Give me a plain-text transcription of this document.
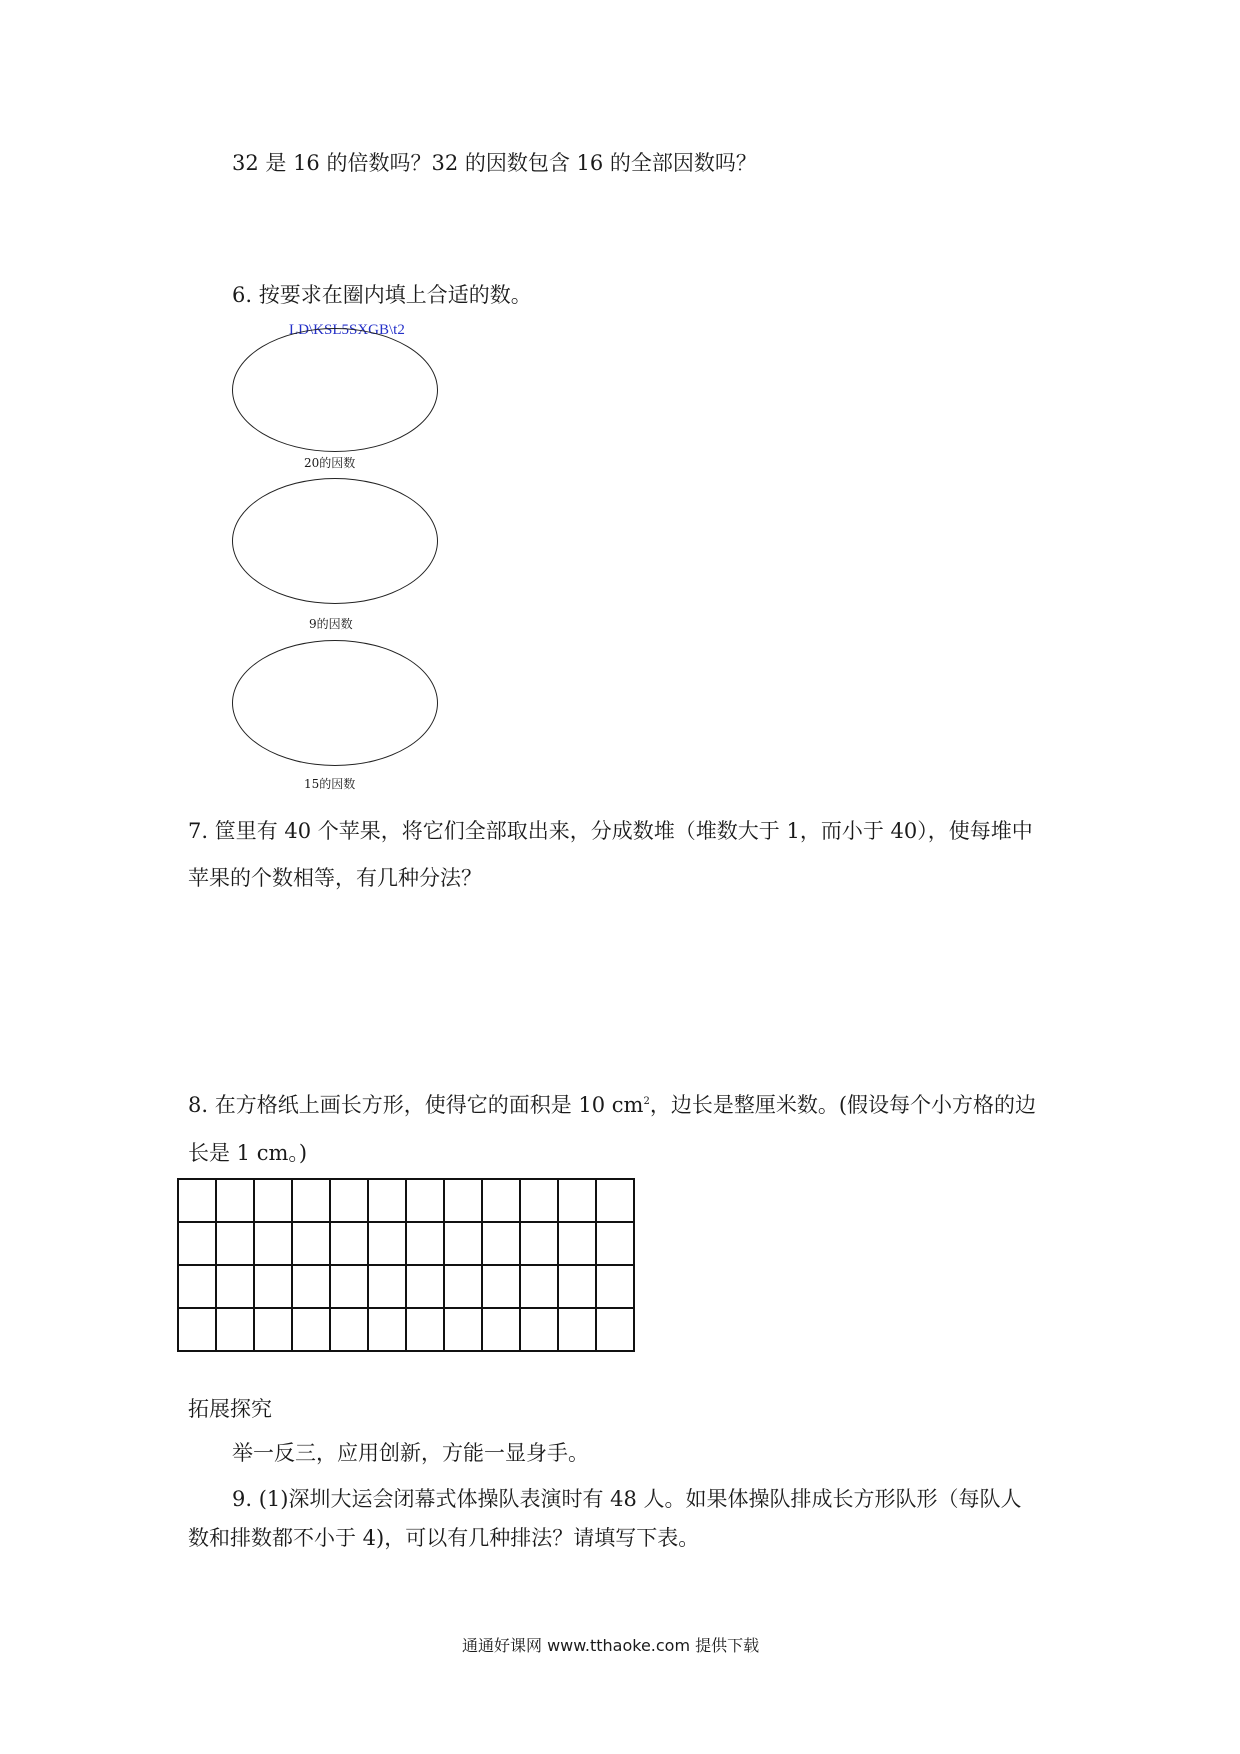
32 是 16 的倍数吗？32 的因数包含 16 的全部因数吗？
6. 按要求在圈内填上合适的数。
LD\KSL5SXGB\t2
20的因数
9的因数
15的因数
7. 筐里有 40 个苹果，将它们全部取出来，分成数堆（堆数大于 1，而小于 40），使每堆中
苹果的个数相等，有几种分法？
8. 在方格纸上画长方形，使得它的面积是 10 $cm^2$，边长是整厘米数。(假设每个小方格的边
长是 1 cm。)

拓展探究
举一反三，应用创新，方能一显身手。
9. (1)深圳大运会闭幕式体操队表演时有 48 人。如果体操队排成长方形队形（每队人
数和排数都不小于 4)，可以有几种排法？请填写下表。
通通好课网 www.tthaoke.com 提供下载
